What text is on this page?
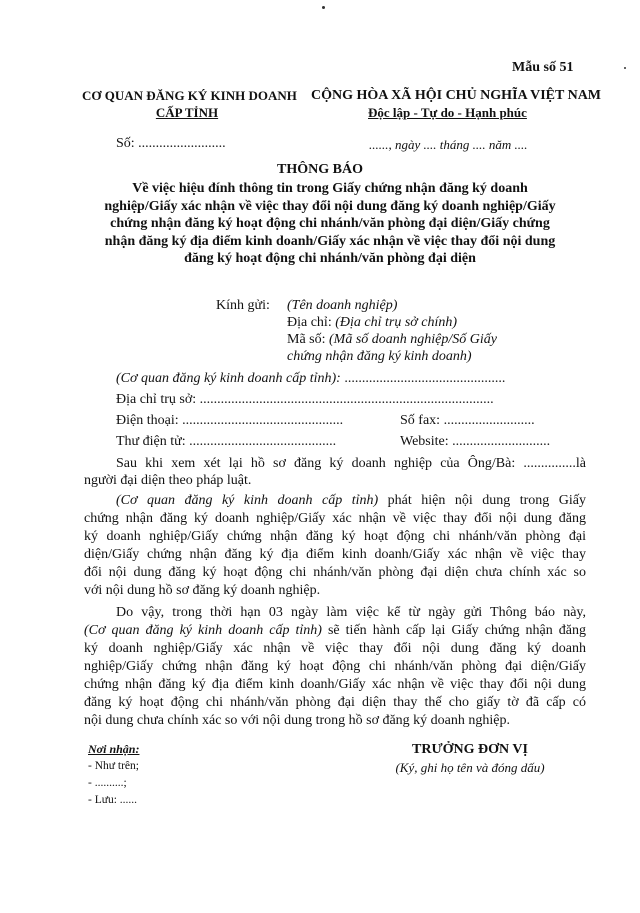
Mẫu số 51
CƠ QUAN ĐĂNG KÝ KINH DOANH
CẤP TỈNH
CỘNG HÒA XÃ HỘI CHỦ NGHĨA VIỆT NAM
Độc lập - Tự do - Hạnh phúc
Số: .........................	......, ngày .... tháng .... năm ....
THÔNG BÁO
Về việc hiệu đính thông tin trong Giấy chứng nhận đăng ký doanh
nghiệp/Giấy xác nhận về việc thay đổi nội dung đăng ký doanh nghiệp/Giấy
chứng nhận đăng ký hoạt động chi nhánh/văn phòng đại diện/Giấy chứng
nhận đăng ký địa điểm kinh doanh/Giấy xác nhận về việc thay đổi nội dung
đăng ký hoạt động chi nhánh/văn phòng đại diện
Kính gửi: (Tên doanh nghiệp)
Địa chỉ: (Địa chỉ trụ sở chính)
Mã số: (Mã số doanh nghiệp/Số Giấy
chứng nhận đăng ký kinh doanh)
(Cơ quan đăng ký kinh doanh cấp tỉnh): ..............................................
Địa chỉ trụ sở: ....................................................................................
Điện thoại: ..............................................	Số fax: ..........................
Thư điện tử: ..........................................	Website: ............................
Sau khi xem xét lại hồ sơ đăng ký doanh nghiệp của Ông/Bà: ...............là
người đại diện theo pháp luật.
(Cơ quan đăng ký kinh doanh cấp tỉnh) phát hiện nội dung trong Giấy
chứng nhận đăng ký doanh nghiệp/Giấy xác nhận về việc thay đổi nội dung đăng
ký doanh nghiệp/Giấy chứng nhận đăng ký hoạt động chi nhánh/văn phòng đại
diện/Giấy chứng nhận đăng ký địa điểm kinh doanh/Giấy xác nhận về việc thay
đổi nội dung đăng ký hoạt động chi nhánh/văn phòng đại diện chưa chính xác so
với nội dung hồ sơ đăng ký doanh nghiệp.
Do vậy, trong thời hạn 03 ngày làm việc kể từ ngày gửi Thông báo này,
(Cơ quan đăng ký kinh doanh cấp tỉnh) sẽ tiến hành cấp lại Giấy chứng nhận đăng
ký doanh nghiệp/Giấy xác nhận về việc thay đổi nội dung đăng ký doanh
nghiệp/Giấy chứng nhận đăng ký hoạt động chi nhánh/văn phòng đại diện/Giấy
chứng nhận đăng ký địa điểm kinh doanh/Giấy xác nhận về việc thay đổi nội dung
đăng ký hoạt động chi nhánh/văn phòng đại diện thay thế cho giấy tờ đã cấp có
nội dung chưa chính xác so với nội dung trong hồ sơ đăng ký doanh nghiệp.
Nơi nhận:
- Như trên;
- ..........;
- Lưu: ......
TRƯỞNG ĐƠN VỊ
(Ký, ghi họ tên và đóng dấu)
